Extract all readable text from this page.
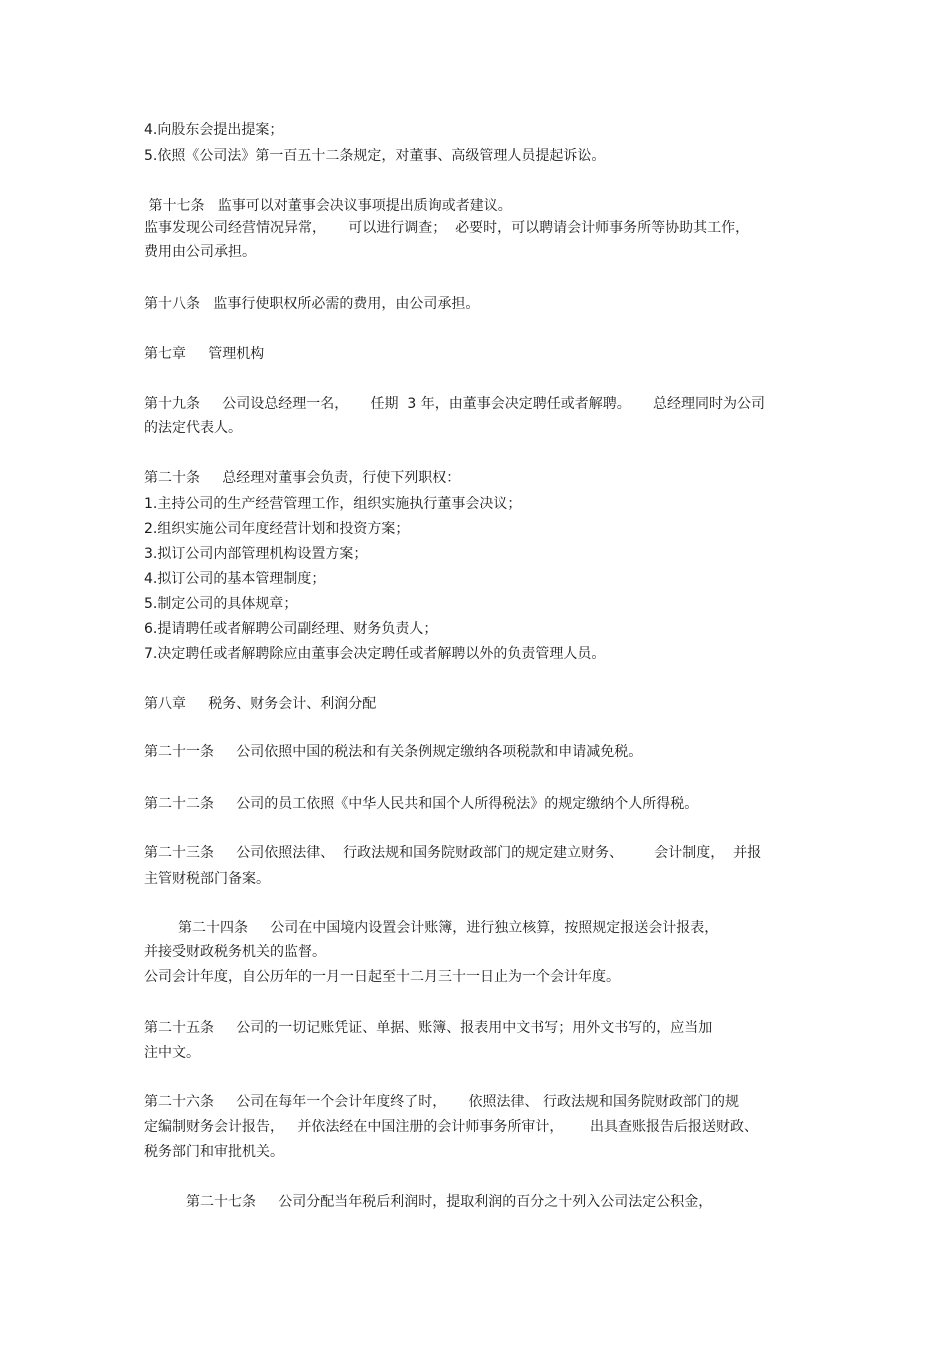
4.向股东会提出提案；
5.依照《公司法》第一百五十二条规定，对董事、高级管理人员提起诉讼。
第十七条   监事可以对董事会决议事项提出质询或者建议。
监事发现公司经营情况异常，     可以进行调查；  必要时，可以聘请会计师事务所等协助其工作，
费用由公司承担。
第十八条   监事行使职权所必需的费用，由公司承担。
第七章     管理机构
第十九条     公司设总经理一名，     任期  3 年，由董事会决定聘任或者解聘。     总经理同时为公司
的法定代表人。
第二十条     总经理对董事会负责，行使下列职权：
1.主持公司的生产经营管理工作，组织实施执行董事会决议；
2.组织实施公司年度经营计划和投资方案；
3.拟订公司内部管理机构设置方案；
4.拟订公司的基本管理制度；
5.制定公司的具体规章；
6.提请聘任或者解聘公司副经理、财务负责人；
7.决定聘任或者解聘除应由董事会决定聘任或者解聘以外的负责管理人员。
第八章     税务、财务会计、利润分配
第二十一条     公司依照中国的税法和有关条例规定缴纳各项税款和申请减免税。
第二十二条     公司的员工依照《中华人民共和国个人所得税法》的规定缴纳个人所得税。
第二十三条     公司依照法律、  行政法规和国务院财政部门的规定建立财务、       会计制度，  并报
主管财税部门备案。
第二十四条     公司在中国境内设置会计账簿，进行独立核算，按照规定报送会计报表，
并接受财政税务机关的监督。
公司会计年度，自公历年的一月一日起至十二月三十一日止为一个会计年度。
第二十五条     公司的一切记账凭证、单据、账簿、报表用中文书写；用外文书写的，应当加
注中文。
第二十六条     公司在每年一个会计年度终了时，     依照法律、 行政法规和国务院财政部门的规
定编制财务会计报告，   并依法经在中国注册的会计师事务所审计，      出具查账报告后报送财政、
税务部门和审批机关。
第二十七条     公司分配当年税后利润时，提取利润的百分之十列入公司法定公积金，
